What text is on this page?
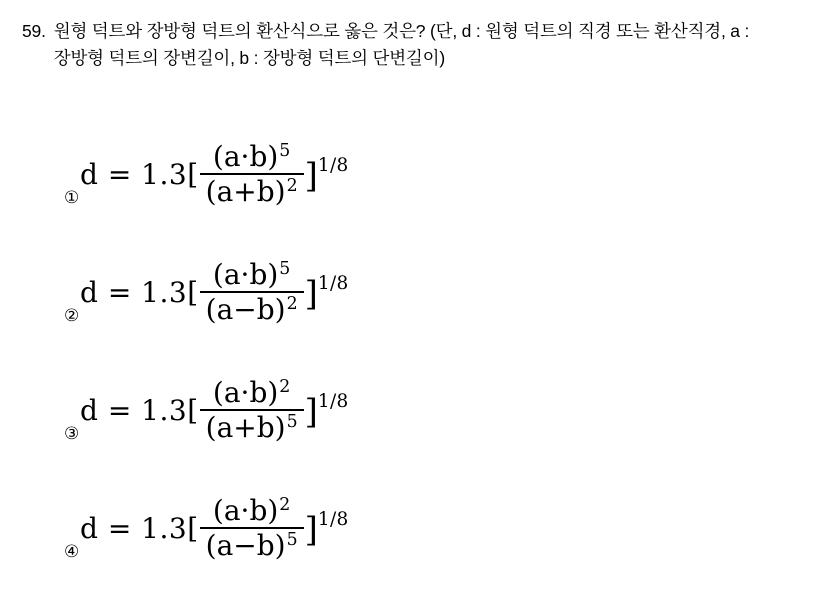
59. 원형 덕트와 장방형 덕트의 환산식으로 옳은 것은? (단, d : 원형 덕트의 직경 또는 환산직경, a : 장방형 덕트의 장변길이, b : 장방형 덕트의 단변길이)
①
$d = 1.3[ \frac{(a\cdot b)^5}{(a+b)^2}$ ] 1/8
②
$d = 1.3[ \frac{(a\cdot b)^5}{(a-b)^2}$ ] 1/8
③
$d = 1.3[ \frac{(a\cdot b)^2}{(a+b)^5}$ ] 1/8
④
$d = 1.3[ \frac{(a\cdot b)^2}{(a-b)^5}$ ] 1/8
